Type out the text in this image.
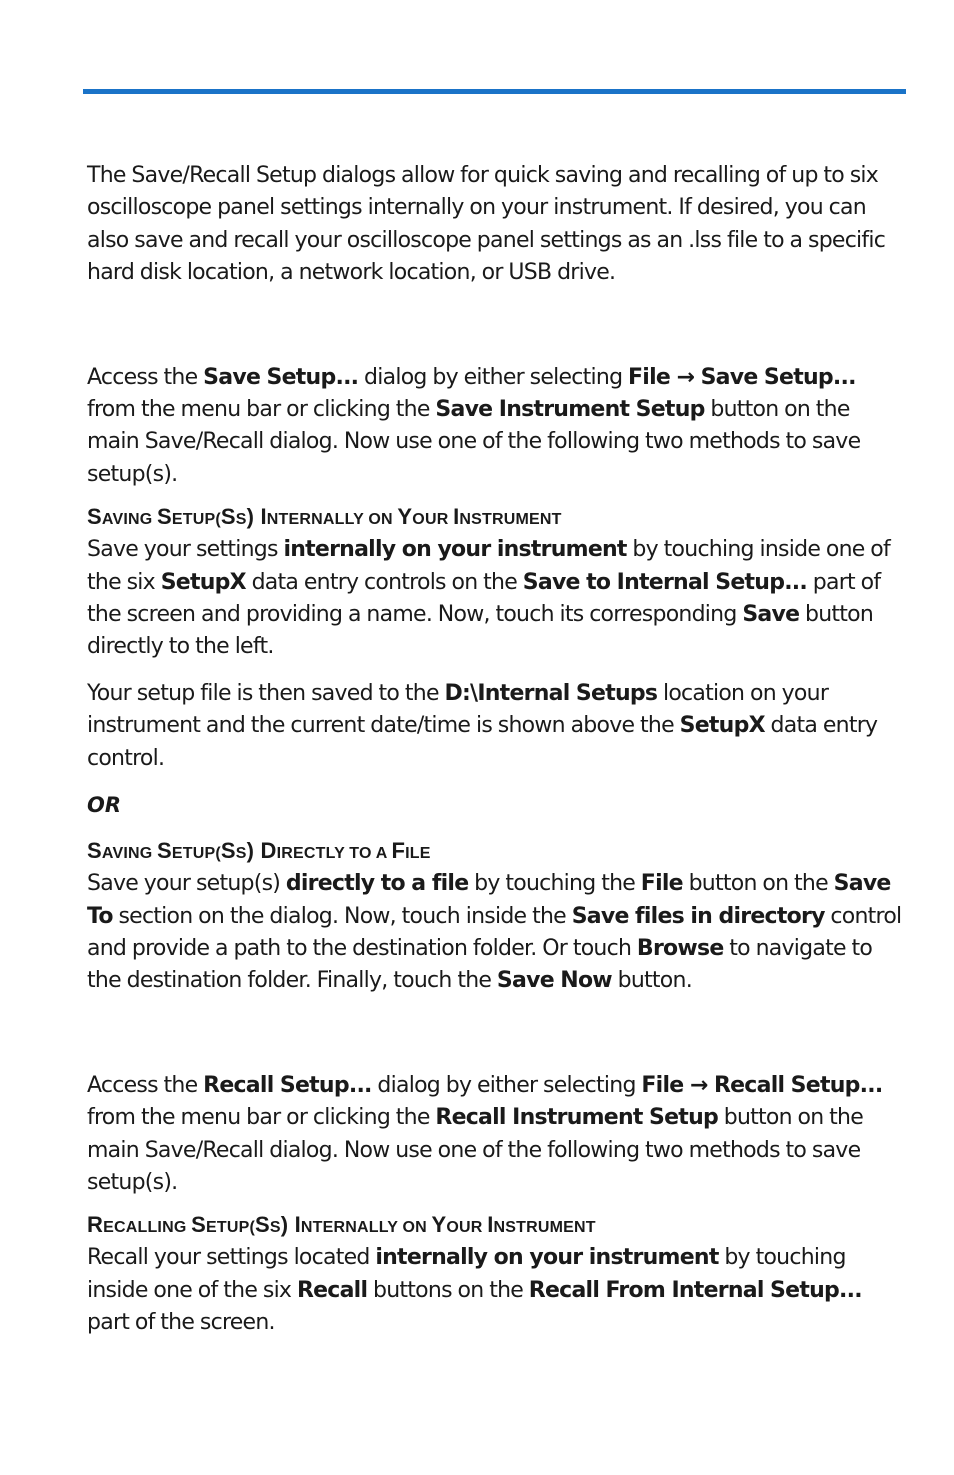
The Save/Recall Setup dialogs allow for quick saving and recalling of up to six oscilloscope panel settings internally on your instrument. If desired, you can also save and recall your oscilloscope panel settings as an .lss file to a specific hard disk location, a network location, or USB drive.

Access the Save Setup... dialog by either selecting File → Save Setup... from the menu bar or clicking the Save Instrument Setup button on the main Save/Recall dialog. Now use one of the following two methods to save setup(s).

SAVING SETUP(SS) INTERNALLY ON YOUR INSTRUMENT

Save your settings internally on your instrument by touching inside one of the six SetupX data entry controls on the Save to Internal Setup... part of the screen and providing a name. Now, touch its corresponding Save button directly to the left.

Your setup file is then saved to the D:\Internal Setups location on your instrument and the current date/time is shown above the SetupX data entry control.

OR
SAVING SETUP(SS) DIRECTLY TO A FILE

Save your setup(s) directly to a file by touching the File button on the Save To section on the dialog. Now, touch inside the Save files in directory control and provide a path to the destination folder. Or touch Browse to navigate to the destination folder. Finally, touch the Save Now button.

Access the Recall Setup... dialog by either selecting File → Recall Setup... from the menu bar or clicking the Recall Instrument Setup button on the main Save/Recall dialog. Now use one of the following two methods to save setup(s).

RECALLING SETUP(SS) INTERNALLY ON YOUR INSTRUMENT

Recall your settings located internally on your instrument by touching inside one of the six Recall buttons on the Recall From Internal Setup... part of the screen.
